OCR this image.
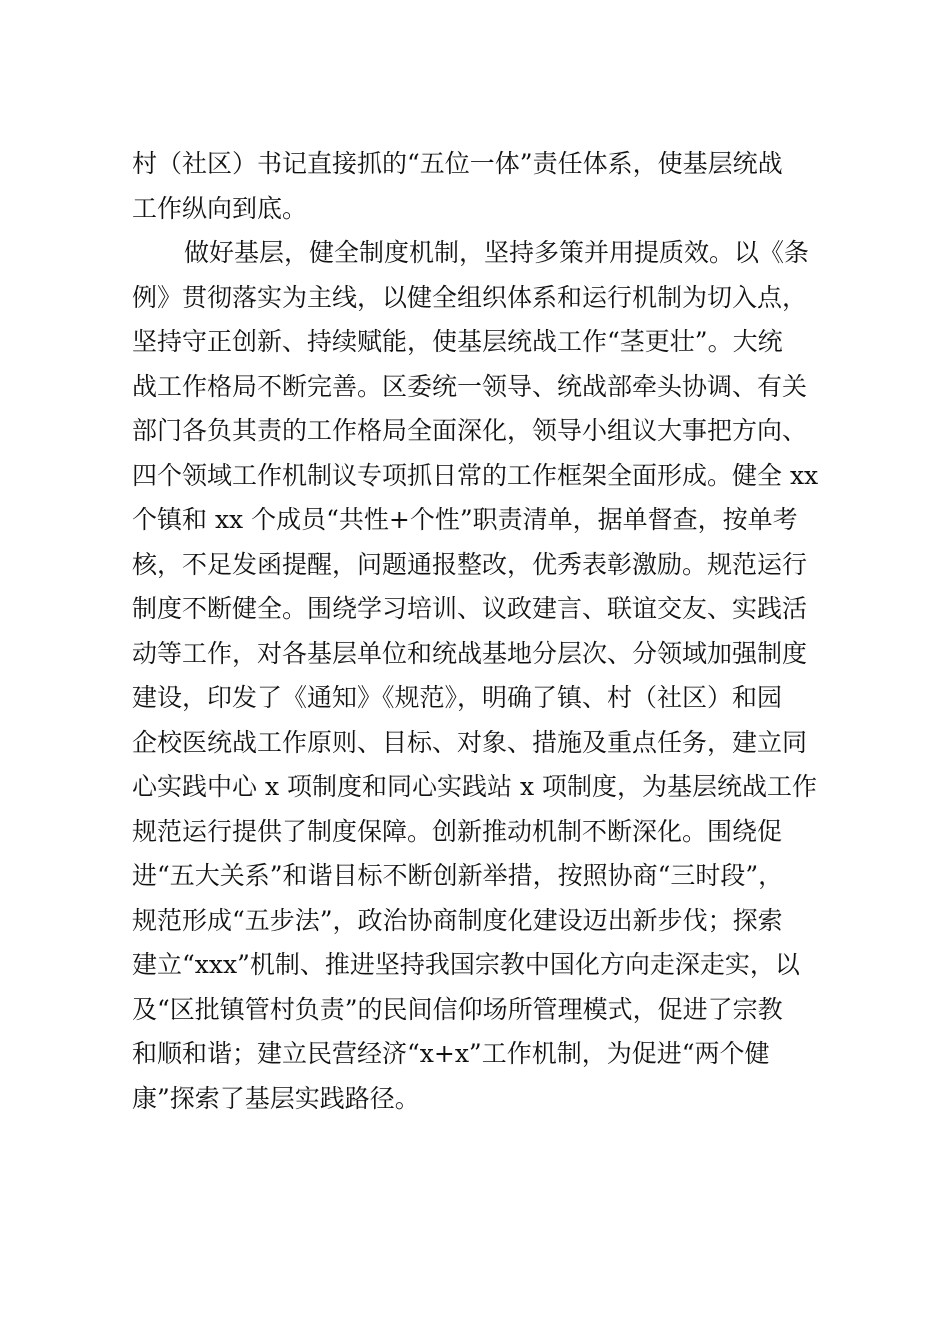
村（社区）书记直接抓的“五位一体”责任体系，使基层统战
工作纵向到底。
做好基层，健全制度机制，坚持多策并用提质效。以《条
例》贯彻落实为主线，以健全组织体系和运行机制为切入点，
坚持守正创新、持续赋能，使基层统战工作“茎更壮”。大统
战工作格局不断完善。区委统一领导、统战部牵头协调、有关
部门各负其责的工作格局全面深化，领导小组议大事把方向、
四个领域工作机制议专项抓日常的工作框架全面形成。健全 xx
个镇和 xx 个成员“共性+个性”职责清单，据单督查，按单考
核，不足发函提醒，问题通报整改，优秀表彰激励。规范运行
制度不断健全。围绕学习培训、议政建言、联谊交友、实践活
动等工作，对各基层单位和统战基地分层次、分领域加强制度
建设，印发了《通知》《规范》，明确了镇、村（社区）和园
企校医统战工作原则、目标、对象、措施及重点任务，建立同
心实践中心 x 项制度和同心实践站 x 项制度，为基层统战工作
规范运行提供了制度保障。创新推动机制不断深化。围绕促
进“五大关系”和谐目标不断创新举措，按照协商“三时段”，
规范形成“五步法”，政治协商制度化建设迈出新步伐；探索
建立“xxx”机制、推进坚持我国宗教中国化方向走深走实，以
及“区批镇管村负责”的民间信仰场所管理模式，促进了宗教
和顺和谐；建立民营经济“x+x”工作机制，为促进“两个健
康”探索了基层实践路径。
